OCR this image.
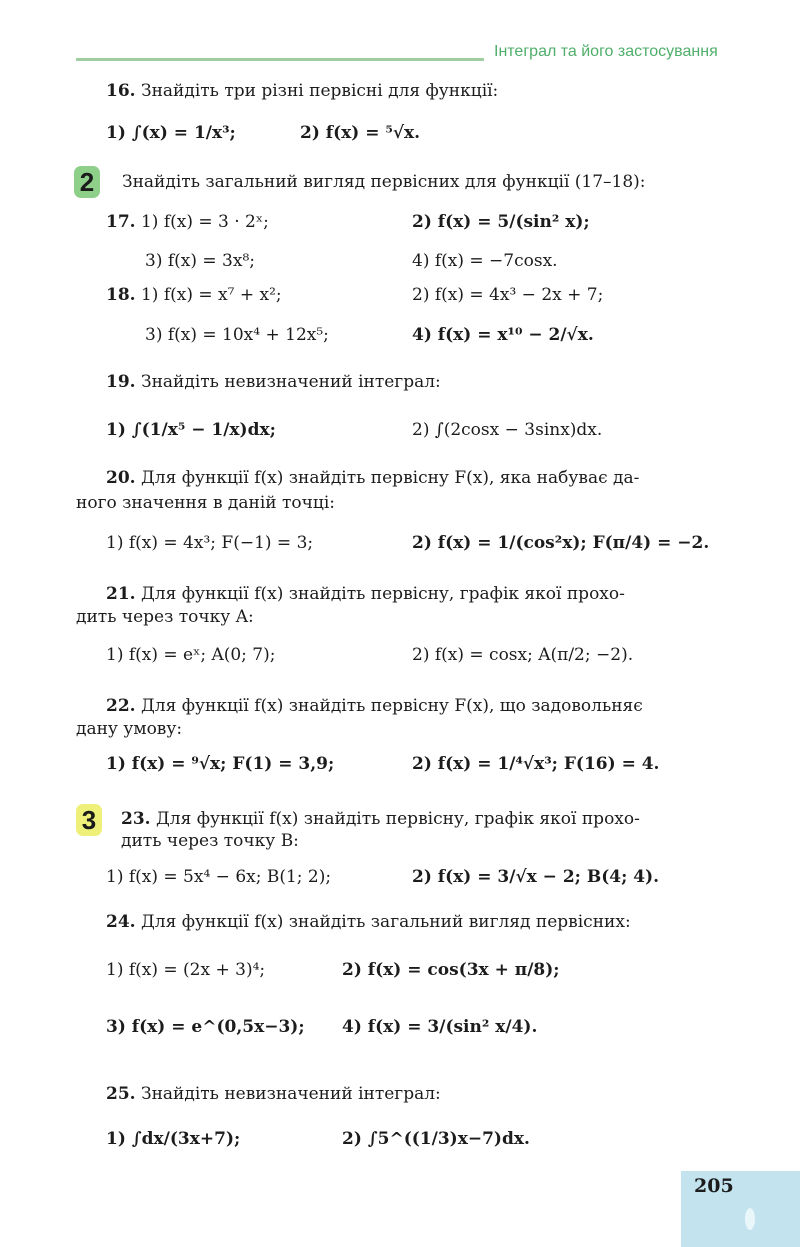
Інтеграл та його застосування
2
3
16. Знайдіть три різні первісні для функції:
1) ∫(x) = 1/x³;	2) f(x) = ⁵√x.
Знайдіть загальний вигляд первісних для функції (17–18):
17. 1) f(x) = 3 · 2ˣ;	2) f(x) = 5/(sin² x);
3) f(x) = 3x⁸;	4) f(x) = −7cosx.
18. 1) f(x) = x⁷ + x²;	2) f(x) = 4x³ − 2x + 7;
3) f(x) = 10x⁴ + 12x⁵;	4) f(x) = x¹⁰ − 2/√x.
19. Знайдіть невизначений інтеграл:
1) ∫(1/x⁵ − 1/x)dx;	2) ∫(2cosx − 3sinx)dx.
20. Для функції f(x) знайдіть первісну F(x), яка набуває да-
ного значення в даній точці:
1) f(x) = 4x³; F(−1) = 3;	2) f(x) = 1/(cos²x); F(π/4) = −2.
21. Для функції f(x) знайдіть первісну, графік якої прохо-
дить через точку A:
1) f(x) = eˣ; A(0; 7);	2) f(x) = cosx; A(π/2; −2).
22. Для функції f(x) знайдіть первісну F(x), що задовольняє
дану умову:
1) f(x) = ⁹√x; F(1) = 3,9;	2) f(x) = 1/⁴√x³; F(16) = 4.
23. Для функції f(x) знайдіть первісну, графік якої прохо-
дить через точку B:
1) f(x) = 5x⁴ − 6x; B(1; 2);	2) f(x) = 3/√x − 2; B(4; 4).
24. Для функції f(x) знайдіть загальний вигляд первісних:
1) f(x) = (2x + 3)⁴;	2) f(x) = cos(3x + π/8);
3) f(x) = e^(0,5x−3); 4) f(x) = 3/(sin² x/4).
25. Знайдіть невизначений інтеграл:
1) ∫dx/(3x+7);	2) ∫5^((1/3)x−7)dx.
205
